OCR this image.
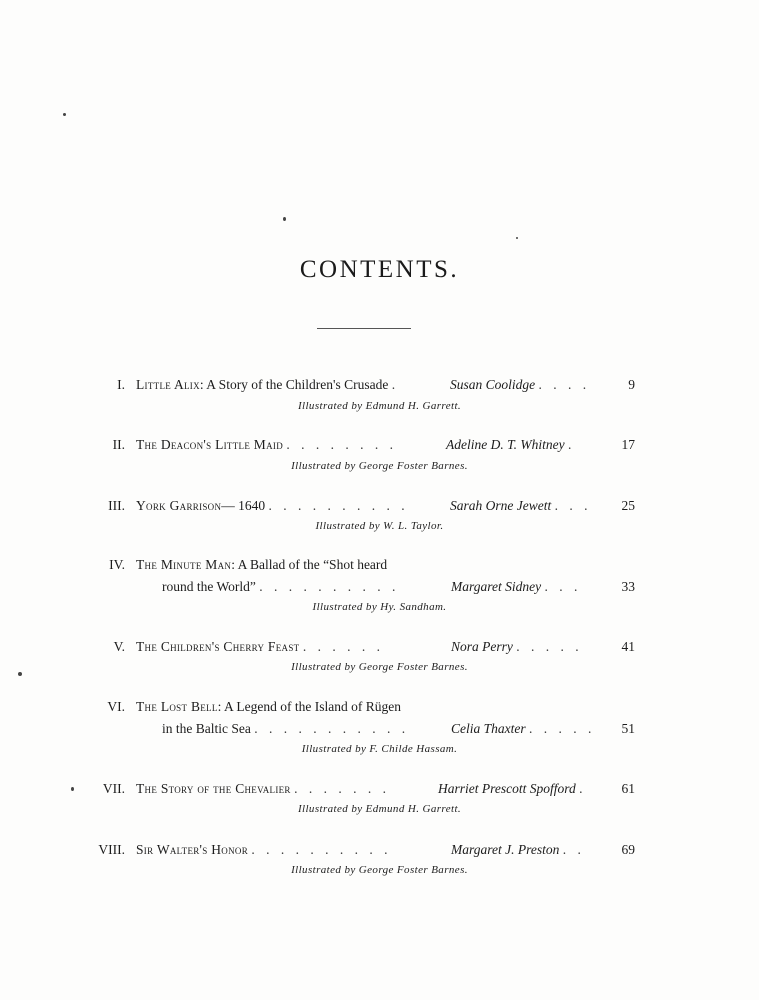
CONTENTS.
I. Little Alix: A Story of the Children's Crusade .	Susan Coolidge . . . .	9
Illustrated by Edmund H. Garrett.
II. The Deacon's Little Maid . . . . . . . .	Adeline D. T. Whitney .	17
Illustrated by George Foster Barnes.
III. York Garrison— 1640 . . . . . . . . . .	Sarah Orne Jewett . . . 25
Illustrated by W. L. Taylor.
IV. The Minute Man: A Ballad of the “Shot heard
round the World” . . . . . . . . . .	Margaret Sidney . . .	33
Illustrated by Hy. Sandham.
V. The Children's Cherry Feast . . . . . .	Nora Perry . . . . .	41
Illustrated by George Foster Barnes.
VI. The Lost Bell: A Legend of the Island of Rügen
in the Baltic Sea . . . . . . . . . . .	Celia Thaxter . . . . . 51
Illustrated by F. Childe Hassam.
VII. The Story of the Chevalier . . . . . . .	Harriet Prescott Spofford .	61
Illustrated by Edmund H. Garrett.
VIII. Sir Walter's Honor . . . . . . . . . .	Margaret J. Preston . .	69
Illustrated by George Foster Barnes.
